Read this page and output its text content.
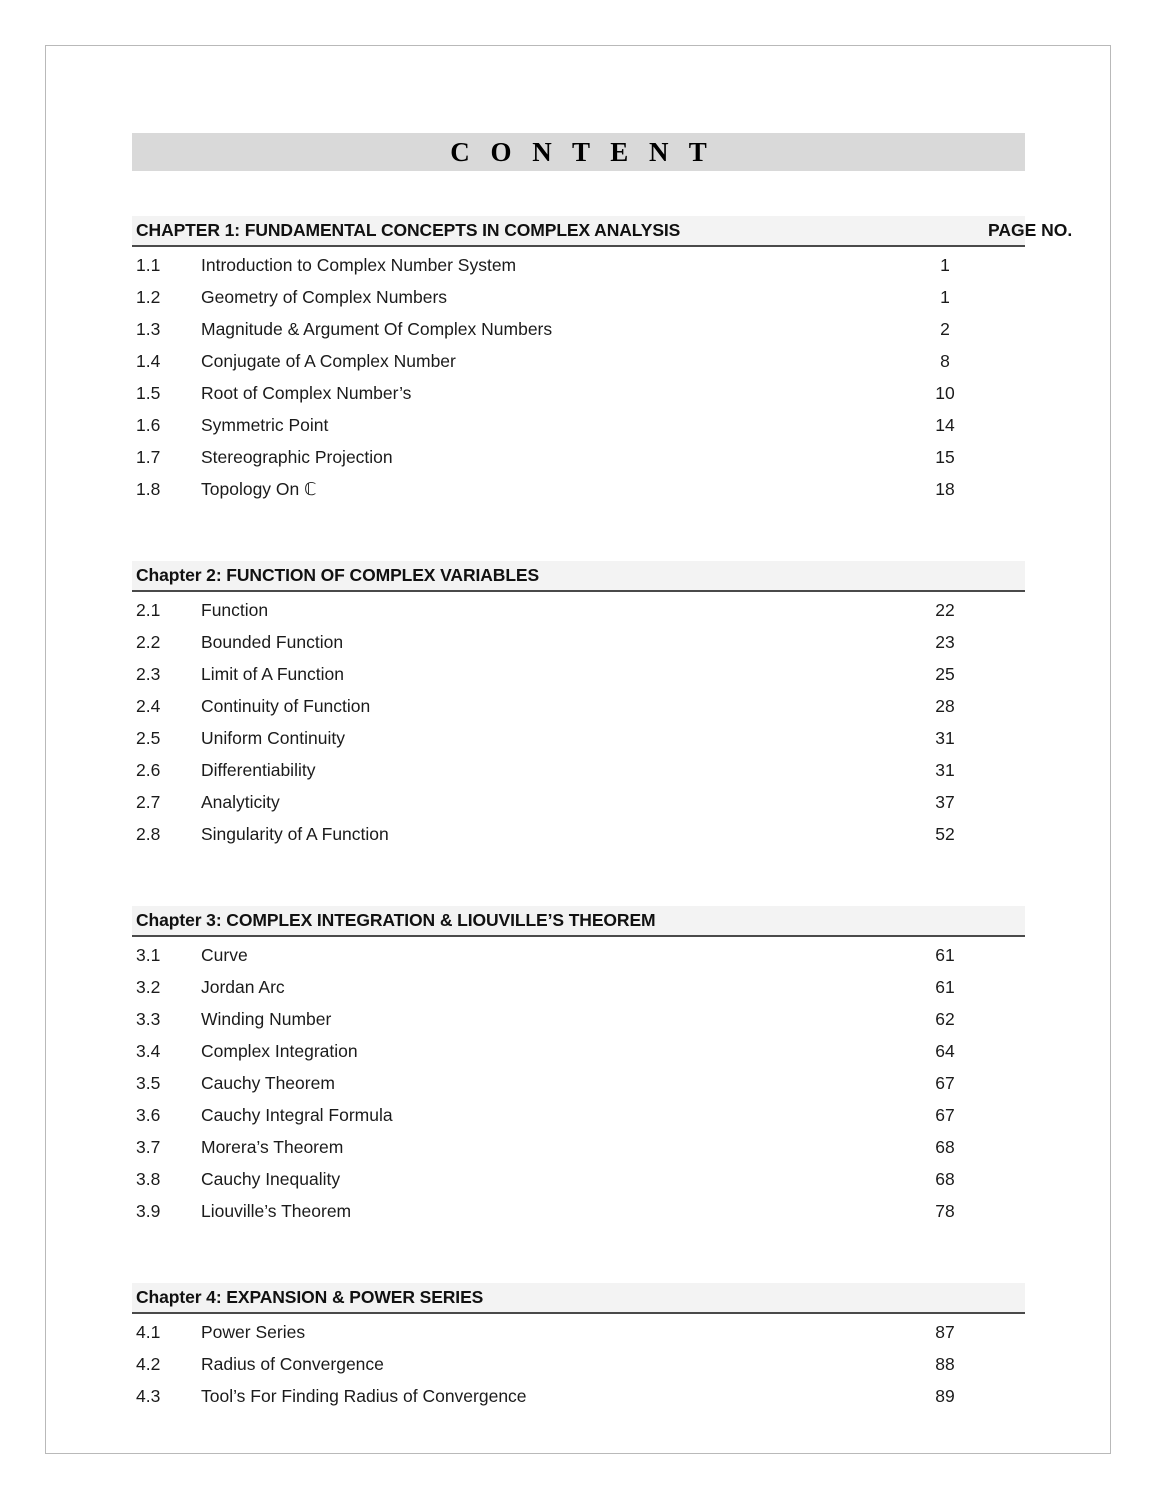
C O N T E N T
CHAPTER 1: FUNDAMENTAL CONCEPTS IN COMPLEX ANALYSIS	PAGE NO.
1.1	Introduction to Complex Number System	1
1.2	Geometry of Complex Numbers	1
1.3	Magnitude & Argument Of Complex Numbers	2
1.4	Conjugate of A Complex Number	8
1.5	Root of Complex Number’s	10
1.6	Symmetric Point	14
1.7	Stereographic Projection	15
1.8	Topology On ℂ	18
Chapter 2: FUNCTION OF COMPLEX VARIABLES
2.1	Function	22
2.2	Bounded Function	23
2.3	Limit of A Function	25
2.4	Continuity of Function	28
2.5	Uniform Continuity	31
2.6	Differentiability	31
2.7	Analyticity	37
2.8	Singularity of A Function	52
Chapter 3: COMPLEX INTEGRATION & LIOUVILLE’S THEOREM
3.1	Curve	61
3.2	Jordan Arc	61
3.3	Winding Number	62
3.4	Complex Integration	64
3.5	Cauchy Theorem	67
3.6	Cauchy Integral Formula	67
3.7	Morera’s Theorem	68
3.8	Cauchy Inequality	68
3.9	Liouville’s Theorem	78
Chapter 4: EXPANSION & POWER SERIES
4.1	Power Series	87
4.2	Radius of Convergence	88
4.3	Tool’s For Finding Radius of Convergence	89
